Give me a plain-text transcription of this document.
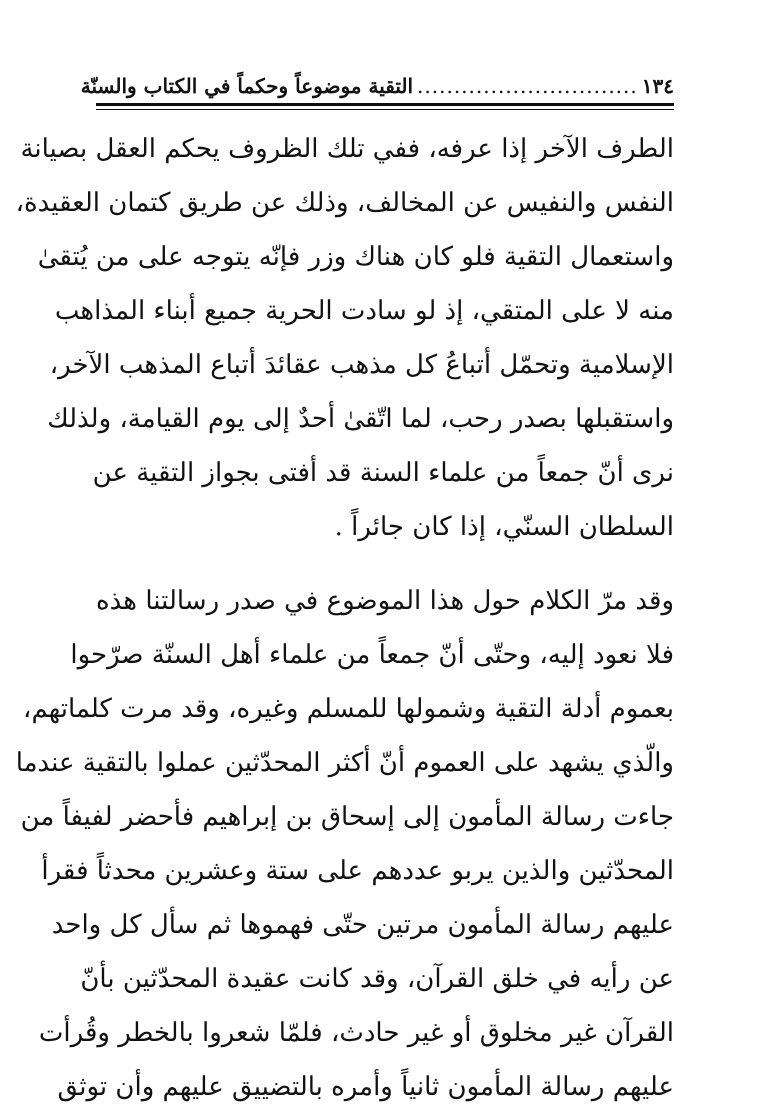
١٣٤
..............................
التقية موضوعاً وحكماً في الكتاب والسنّة
الطرف الآخر إذا عرفه، ففي تلك الظروف يحكم العقل بصيانة
النفس والنفيس عن المخالف، وذلك عن طريق كتمان العقيدة،
واستعمال التقية فلو كان هناك وزر فإنّه يتوجه على من يُتقىٰ
منه لا على المتقي، إذ لو سادت الحرية جميع أبناء المذاهب
الإسلامية وتحمّل أتباعُ كل مذهب عقائدَ أتباع المذهب الآخر،
واستقبلها بصدر رحب، لما اتّقىٰ أحدٌ إلى يوم القيامة، ولذلك
نرى أنّ جمعاً من علماء السنة قد أفتى بجواز التقية عن
السلطان السنّي، إذا كان جائراً .
وقد مرّ الكلام حول هذا الموضوع في صدر رسالتنا هذه
فلا نعود إليه، وحتّى أنّ جمعاً من علماء أهل السنّة صرّحوا
بعموم أدلة التقية وشمولها للمسلم وغيره، وقد مرت كلماتهم،
والّذي يشهد على العموم أنّ أكثر المحدّثين عملوا بالتقية عندما
جاءت رسالة المأمون إلى إسحاق بن إبراهيم فأحضر لفيفاً من
المحدّثين والذين يربو عددهم على ستة وعشرين محدثاً فقرأ
عليهم رسالة المأمون مرتين حتّى فهموها ثم سأل كل واحد
عن رأيه في خلق القرآن، وقد كانت عقيدة المحدّثين بأنّ
القرآن غير مخلوق أو غير حادث، فلمّا شعروا بالخطر وقُرأت
عليهم رسالة المأمون ثانياً وأمره بالتضييق عليهم وأن توثق
